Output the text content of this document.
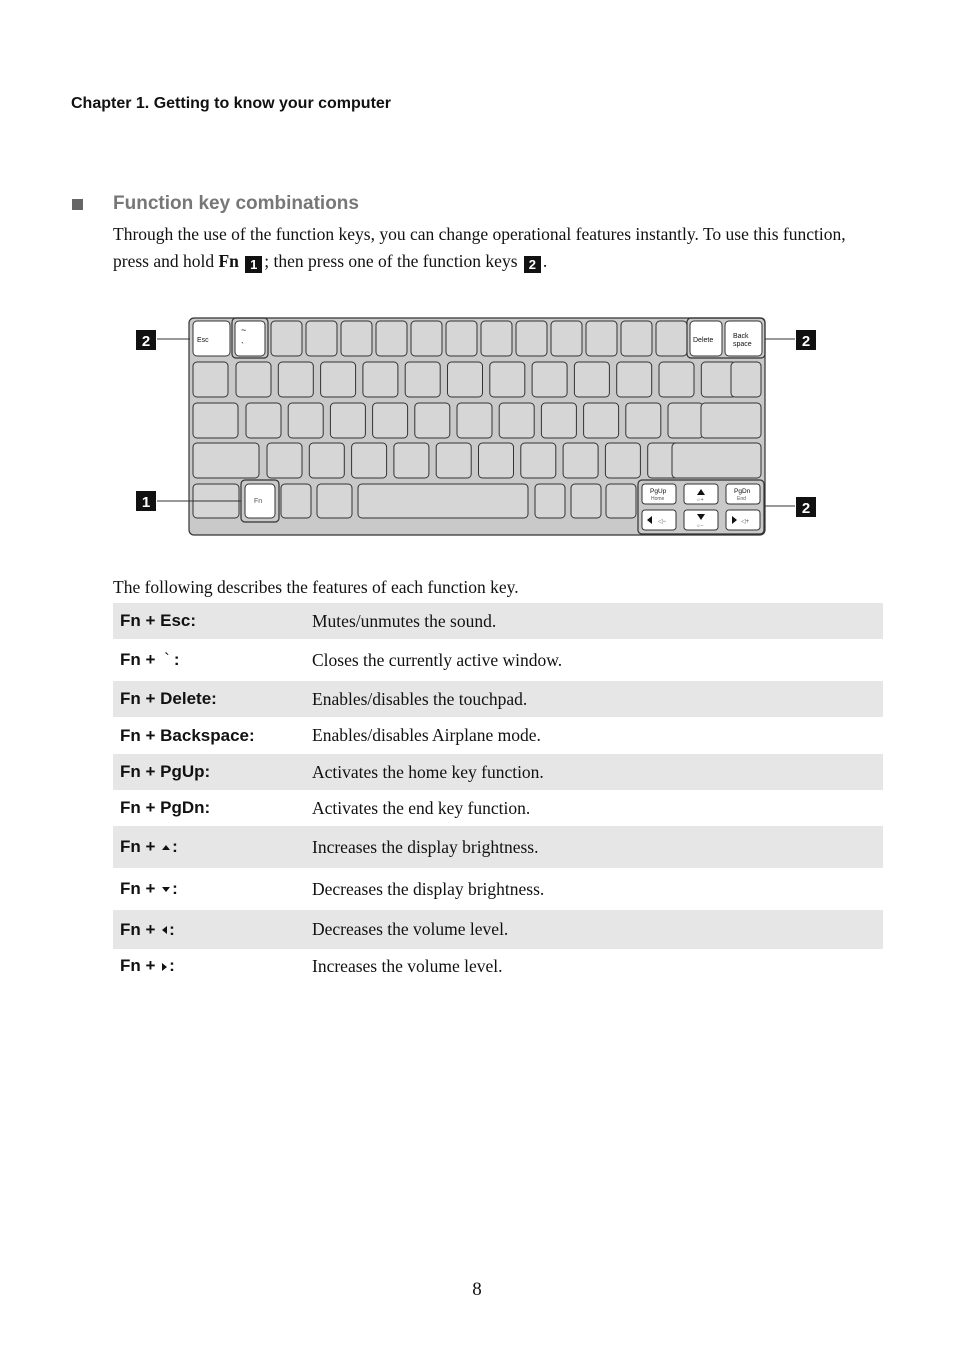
Chapter 1. Getting to know your computer
Function key combinations
Through the use of the function keys, you can change operational features instantly. To use this function, press and hold Fn 1 ; then press one of the function keys 2 .
Esc
~
`
Delete
Back
space
Fn
PgUp
Home	☼+
PgDn
End
◁−
☼−
◁+
2	2
1	2
The following describes the features of each function key.
Fn + Esc:	Mutes/unmutes the sound.
Fn + ` :	Closes the currently active window.
Fn + Delete:	Enables/disables the touchpad.
Fn + Backspace:	Enables/disables Airplane mode.
Fn + PgUp:	Activates the home key function.
Fn + PgDn:	Activates the end key function.
Fn + :	Increases the display brightness.
Fn + :	Decreases the display brightness.
Fn + :	Decreases the volume level.
Fn + :	Increases the volume level.
8
